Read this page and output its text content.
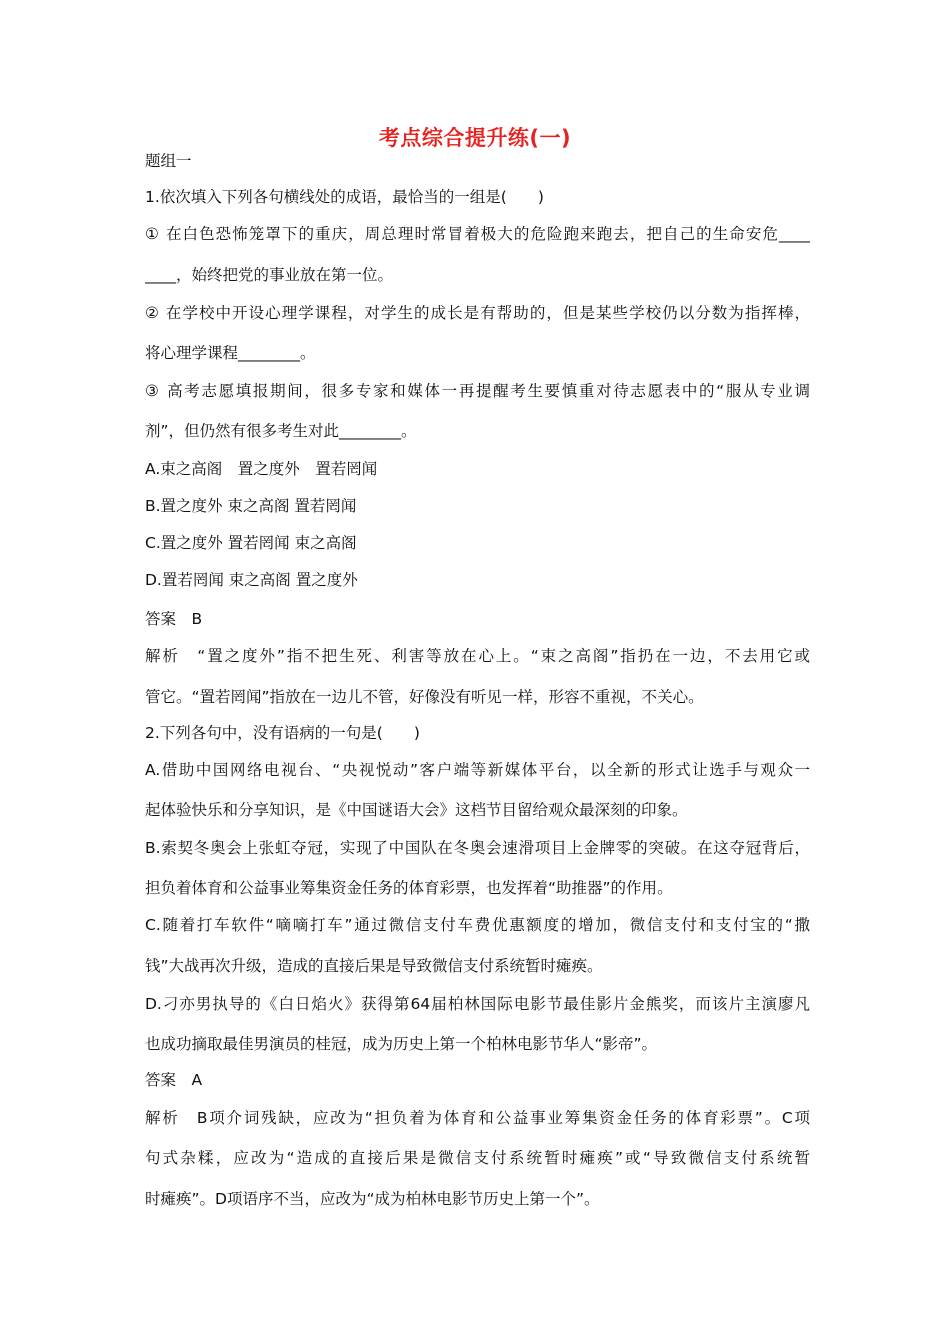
考点综合提升练(一)
题组一
1.依次填入下列各句横线处的成语，最恰当的一组是(　　)
① 在白色恐怖笼罩下的重庆，周总理时常冒着极大的危险跑来跑去，把自己的生命安危____
____，始终把党的事业放在第一位。
② 在学校中开设心理学课程，对学生的成长是有帮助的，但是某些学校仍以分数为指挥棒，
将心理学课程________。
③ 高考志愿填报期间，很多专家和媒体一再提醒考生要慎重对待志愿表中的“服从专业调
剂”，但仍然有很多考生对此________。
A.束之高阁　置之度外　置若罔闻
B.置之度外 束之高阁 置若罔闻
C.置之度外 置若罔闻 束之高阁
D.置若罔闻 束之高阁 置之度外
答案　B
解析　“置之度外”指不把生死、利害等放在心上。“束之高阁”指扔在一边，不去用它或
管它。“置若罔闻”指放在一边儿不管，好像没有听见一样，形容不重视，不关心。
2.下列各句中，没有语病的一句是(　　)
A.借助中国网络电视台、“央视悦动”客户端等新媒体平台，以全新的形式让选手与观众一
起体验快乐和分享知识，是《中国谜语大会》这档节目留给观众最深刻的印象。
B.索契冬奥会上张虹夺冠，实现了中国队在冬奥会速滑项目上金牌零的突破。在这夺冠背后，
担负着体育和公益事业筹集资金任务的体育彩票，也发挥着“助推器”的作用。
C.随着打车软件“嘀嘀打车”通过微信支付车费优惠额度的增加，微信支付和支付宝的“撒
钱”大战再次升级，造成的直接后果是导致微信支付系统暂时瘫痪。
D.刁亦男执导的《白日焰火》获得第64届柏林国际电影节最佳影片金熊奖，而该片主演廖凡
也成功摘取最佳男演员的桂冠，成为历史上第一个柏林电影节华人“影帝”。
答案　A
解析　B项介词残缺，应改为“担负着为体育和公益事业筹集资金任务的体育彩票”。C项
句式杂糅，应改为“造成的直接后果是微信支付系统暂时瘫痪”或“导致微信支付系统暂
时瘫痪”。D项语序不当，应改为“成为柏林电影节历史上第一个”。
